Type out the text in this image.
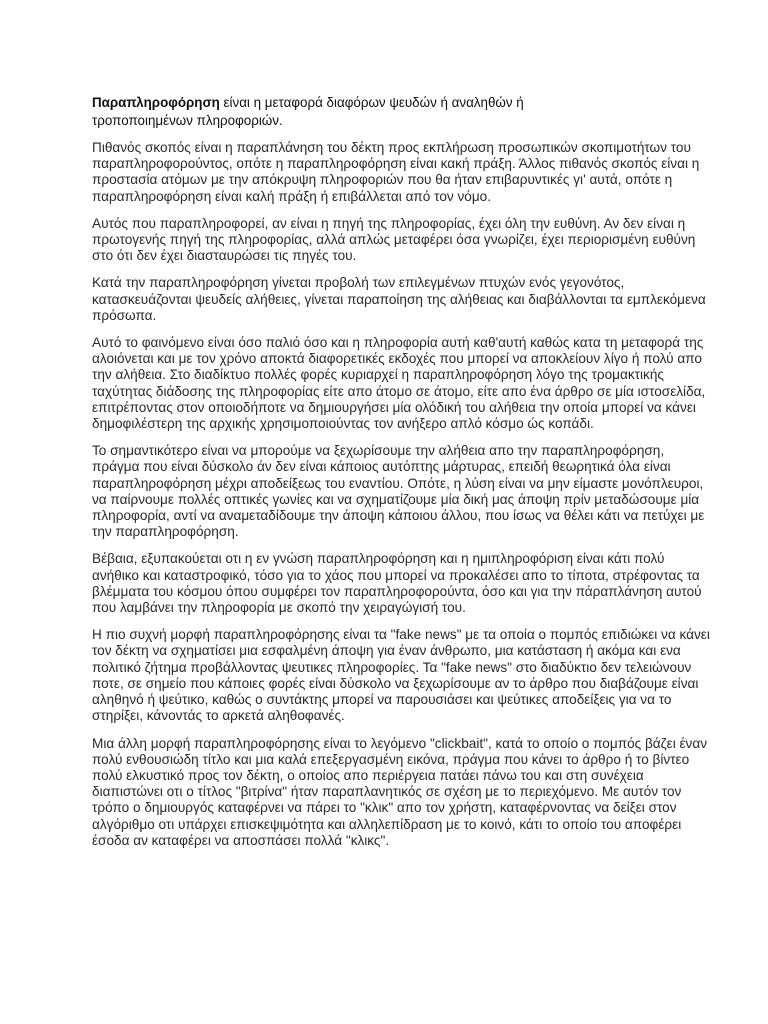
Παραπληροφόρηση είναι η μεταφορά διαφόρων ψευδών ή αναληθών ή
τροποποιημένων πληροφοριών.

Πιθανός σκοπός είναι η παραπλάνηση του δέκτη προς εκπλήρωση προσωπικών σκοπιμοτήτων του παραπληροφορούντος, οπότε η παραπληροφόρηση είναι κακή πράξη. Άλλος πιθανός σκοπός είναι η προστασία ατόμων με την απόκρυψη πληροφοριών που θα ήταν επιβαρυντικές γι' αυτά, οπότε η παραπληροφόρηση είναι καλή πράξη ή επιβάλλεται από τον νόμο.

Αυτός που παραπληροφορεί, αν είναι η πηγή της πληροφορίας, έχει όλη την ευθύνη. Αν δεν είναι η πρωτογενής πηγή της πληροφορίας, αλλά απλώς μεταφέρει όσα γνωρίζει, έχει περιορισμένη ευθύνη στο ότι δεν έχει διασταυρώσει τις πηγές του.

Κατά την παραπληροφόρηση γίνεται προβολή των επιλεγμένων πτυχών ενός γεγονότος, κατασκευάζονται ψευδείς αλήθειες, γίνεται παραποίηση της αλήθειας και διαβάλλονται τα εμπλεκόμενα πρόσωπα.

Αυτό το φαινόμενο είναι όσο παλιό όσο και η πληροφορία αυτή καθ'αυτή καθώς κατα τη μεταφορά της αλοιόνεται και με τον χρόνο αποκτά διαφορετικές εκδοχές που μπορεί να αποκλείουν λίγο ή πολύ απο την αλήθεια. Στο διαδίκτυο πολλές φορές κυριαρχεί η παραπληροφόρηση λόγο της τρομακτικής ταχύτητας διάδοσης της πληροφορίας είτε απο άτομο σε άτομο, είτε απο ένα άρθρο σε μία ιστοσελίδα, επιτρέποντας στον οποιοδήποτε να δημιουργήσει μία ολόδική του αλήθεια την οποία μπορεί να κάνει δημοφιλέστερη της αρχικής χρησιμοποιούντας τον ανήξερο απλό κόσμο ώς κοπάδι.

Το σημαντικότερο είναι να μπορούμε να ξεχωρίσουμε την αλήθεια απο την παραπληροφόρηση, πράγμα που είναι δύσκολο άν δεν είναι κάποιος αυτόπτης μάρτυρας, επειδή θεωρητικά όλα είναι παραπληροφόρηση μέχρι αποδείξεως του εναντίου. Οπότε, η λύση είναι να μην είμαστε μονόπλευροι, να παίρνουμε πολλές οπτικές γωνίες και να σχηματίζουμε μία δική μας άποψη πρίν μεταδώσουμε μία πληροφορία, αντί να αναμεταδίδουμε την άποψη κάποιου άλλου, που ίσως να θέλει κάτι να πετύχει με την παραπληροφόρηση.

Βέβαια, εξυπακούεται οτι η εν γνώση παραπληροφόρηση και η ημιπληροφόριση είναι κάτι πολύ ανήθικο και καταστροφικό, τόσο για το χάος που μπορεί να προκαλέσει απο το τίποτα, στρέφοντας τα βλέμματα του κόσμου όπου συμφέρει τον παραπληροφορούντα, όσο και για την πάραπλάνηση αυτού που λαμβάνει την πληροφορία με σκοπό την χειραγώγισή του.

Η πιο συχνή μορφή παραπληροφόρησης είναι τα "fake news" με τα οποία ο πομπός επιδιώκει να κάνει τον δέκτη να σχηματίσει μια εσφαλμένη άποψη για έναν άνθρωπο, μια κατάσταση ή ακόμα και ενα πολιτικό ζήτημα προβάλλοντας ψευτικες πληροφορίες. Τα "fake news" στο διαδύκτιο δεν τελειώνουν ποτε, σε σημείο που κάποιες φορές είναι δύσκολο να ξεχωρίσουμε αν το άρθρο που διαβάζουμε είναι αληθηνό ή ψεύτικο, καθώς ο συντάκτης μπορεί να παρουσιάσει και ψεύτικες αποδείξεις για να το στηρίξει, κάνοντάς το αρκετά αληθοφανές.

Μια άλλη μορφή παραπληροφόρησης είναι το λεγόμενο "clickbait", κατά το οποίο ο πομπός βάζει έναν πολύ ενθουσιώδη τίτλο και μια καλά επεξεργασμένη εικόνα, πράγμα που κάνει το άρθρο ή το βίντεο πολύ ελκυστικό προς τον δέκτη, ο οποίος απο περιέργεια πατάει πάνω του και στη συνέχεια διαπιστώνει οτι ο τίτλος "βιτρίνα" ήταν παραπλανητικός σε σχέση με το περιεχόμενο. Με αυτόν τον τρόπο ο δημιουργός καταφέρνει να πάρει το "κλικ" απο τον χρήστη, καταφέρνοντας να δείξει στον αλγόριθμο οτι υπάρχει επισκεψιμότητα και αλληλεπίδραση με το κοινό, κάτι το οποίο του αποφέρει έσοδα αν καταφέρει να αποσπάσει πολλά "κλικς".
